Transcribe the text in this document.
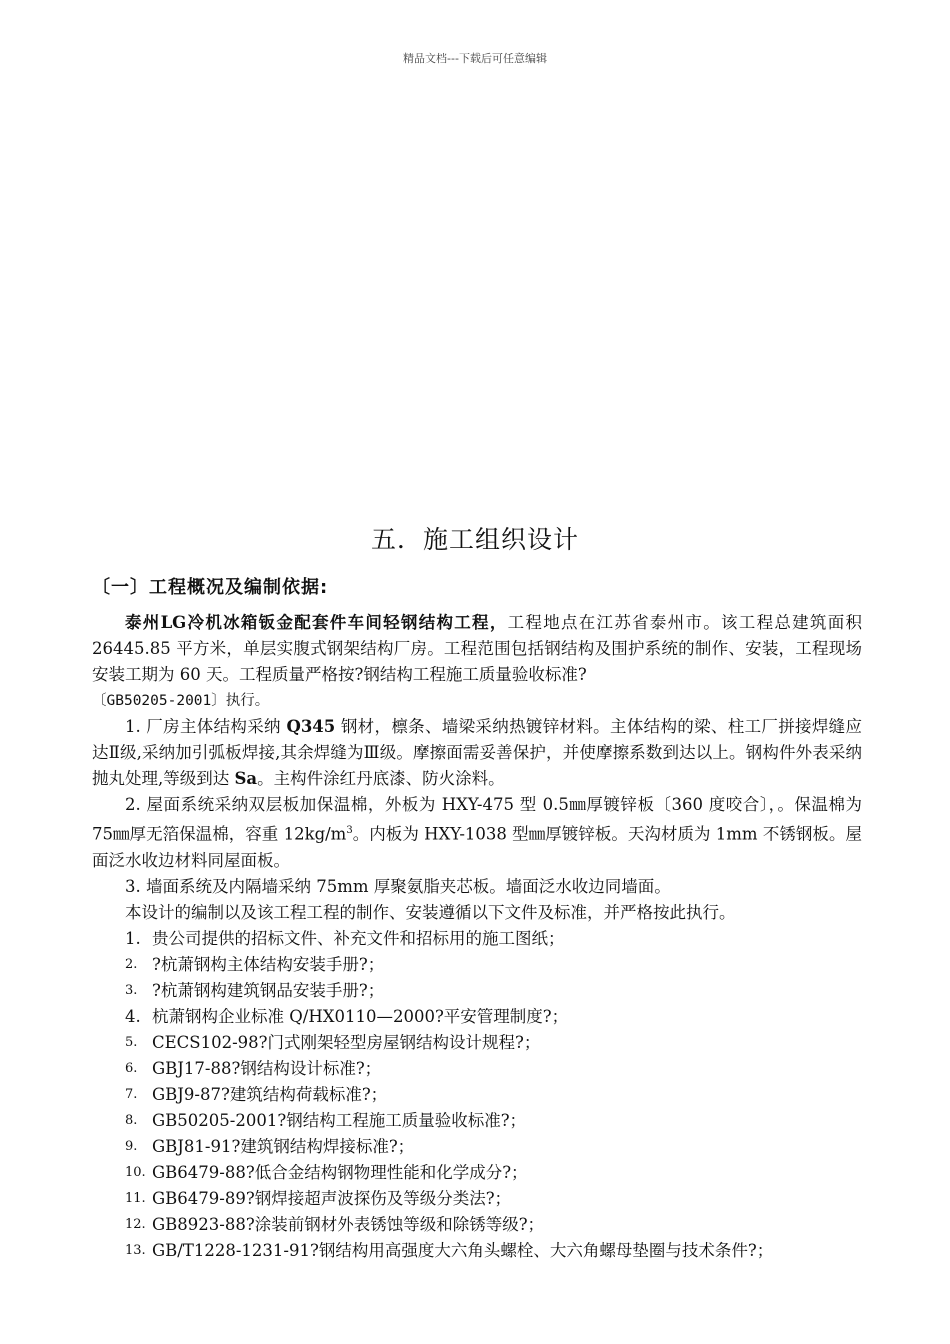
精品文档---下载后可任意编辑
五．施工组织设计
〔一〕工程概况及编制依据:

泰州LG冷机冰箱钣金配套件车间轻钢结构工程，工程地点在江苏省泰州市。该工程总建筑面积 26445.85 平方米，单层实腹式钢架结构厂房。工程范围包括钢结构及围护系统的制作、安装，工程现场安装工期为 60 天。工程质量严格按?钢结构工程施工质量验收标准?

〔GB50205-2001〕执行。

1. 厂房主体结构采纳 Q345 钢材，檩条、墙梁采纳热镀锌材料。主体结构的梁、柱工厂拼接焊缝应达Ⅱ级,采纳加引弧板焊接,其余焊缝为Ⅲ级。摩擦面需妥善保护，并使摩擦系数到达以上。钢构件外表采纳抛丸处理,等级到达 Sa。主构件涂红丹底漆、防火涂料。

2. 屋面系统采纳双层板加保温棉，外板为 HXY-475 型 0.5㎜厚镀锌板〔360 度咬合〕，。保温棉为 75㎜厚无箔保温棉，容重 $12kg/m^3$。内板为 HXY-1038 型㎜厚镀锌板。天沟材质为 1mm 不锈钢板。屋面泛水收边材料同屋面板。

3. 墙面系统及内隔墙采纳 75mm 厚聚氨脂夹芯板。墙面泛水收边同墙面。

本设计的编制以及该工程工程的制作、安装遵循以下文件及标准，并严格按此执行。

1. 贵公司提供的招标文件、补充文件和招标用的施工图纸；
2. ?杭萧钢构主体结构安装手册?；
3. ?杭萧钢构建筑钢品安装手册?；
4. 杭萧钢构企业标准 Q/HX0110—2000?平安管理制度?；
5. CECS102-98?门式刚架轻型房屋钢结构设计规程?；
6. GBJ17-88?钢结构设计标准?；
7. GBJ9-87?建筑结构荷载标准?；
8. GB50205-2001?钢结构工程施工质量验收标准?；
9. GBJ81-91?建筑钢结构焊接标准?；
10. GB6479-88?低合金结构钢物理性能和化学成分?；
11. GB6479-89?钢焊接超声波探伤及等级分类法?；
12. GB8923-88?涂装前钢材外表锈蚀等级和除锈等级?；
13. GB/T1228-1231-91?钢结构用高强度大六角头螺栓、大六角螺母垫圈与技术条件?；
